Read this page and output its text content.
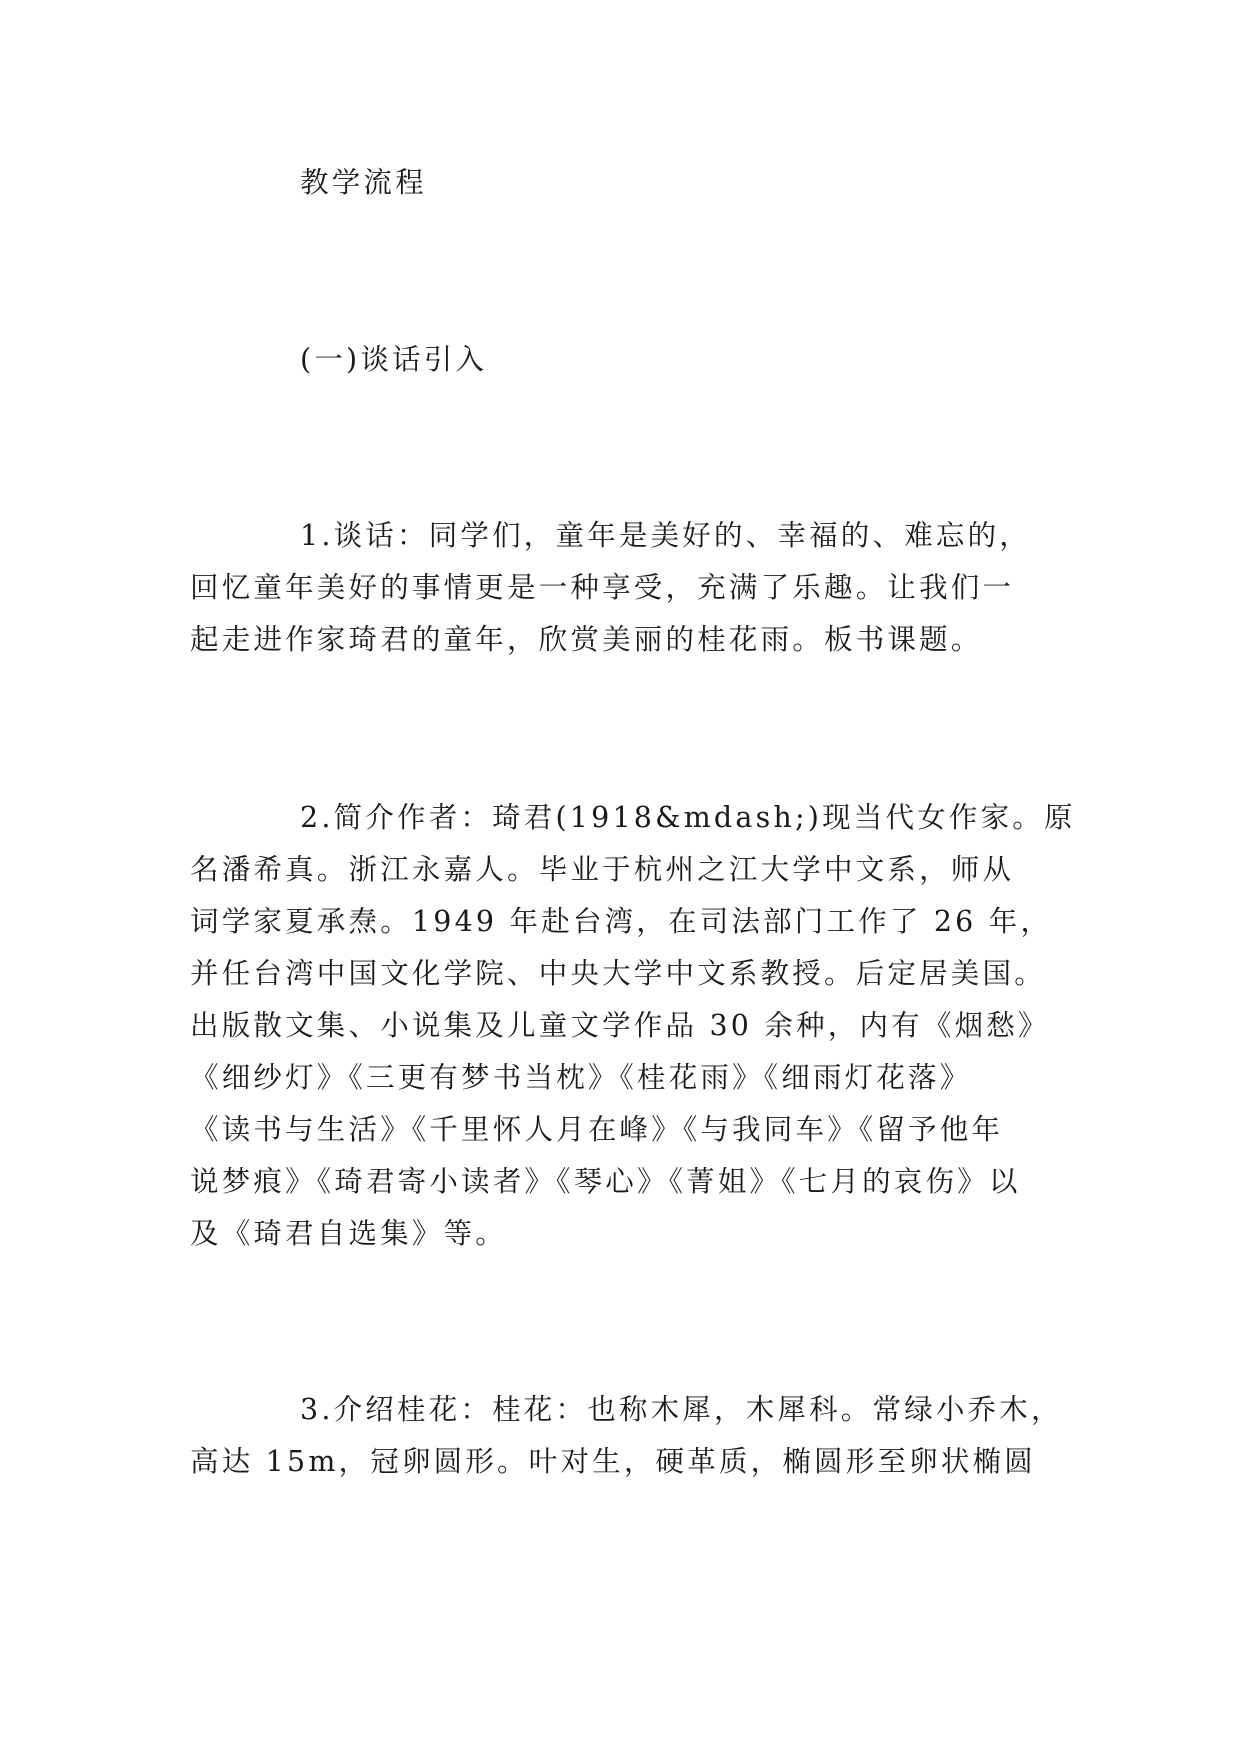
教学流程
(一)谈话引入
1.谈话：同学们，童年是美好的、幸福的、难忘的，
回忆童年美好的事情更是一种享受，充满了乐趣。让我们一
起走进作家琦君的童年，欣赏美丽的桂花雨。板书课题。
2.简介作者：琦君(1918&mdash;)现当代女作家。原
名潘希真。浙江永嘉人。毕业于杭州之江大学中文系，师从
词学家夏承焘。1949 年赴台湾，在司法部门工作了 26 年，
并任台湾中国文化学院、中央大学中文系教授。后定居美国。
出版散文集、小说集及儿童文学作品 30 余种，内有《烟愁》
《细纱灯》《三更有梦书当枕》《桂花雨》《细雨灯花落》
《读书与生活》《千里怀人月在峰》《与我同车》《留予他年
说梦痕》《琦君寄小读者》《琴心》《菁姐》《七月的哀伤》以
及《琦君自选集》等。
3.介绍桂花：桂花：也称木犀，木犀科。常绿小乔木，
高达 15m，冠卵圆形。叶对生，硬革质，椭圆形至卵状椭圆
